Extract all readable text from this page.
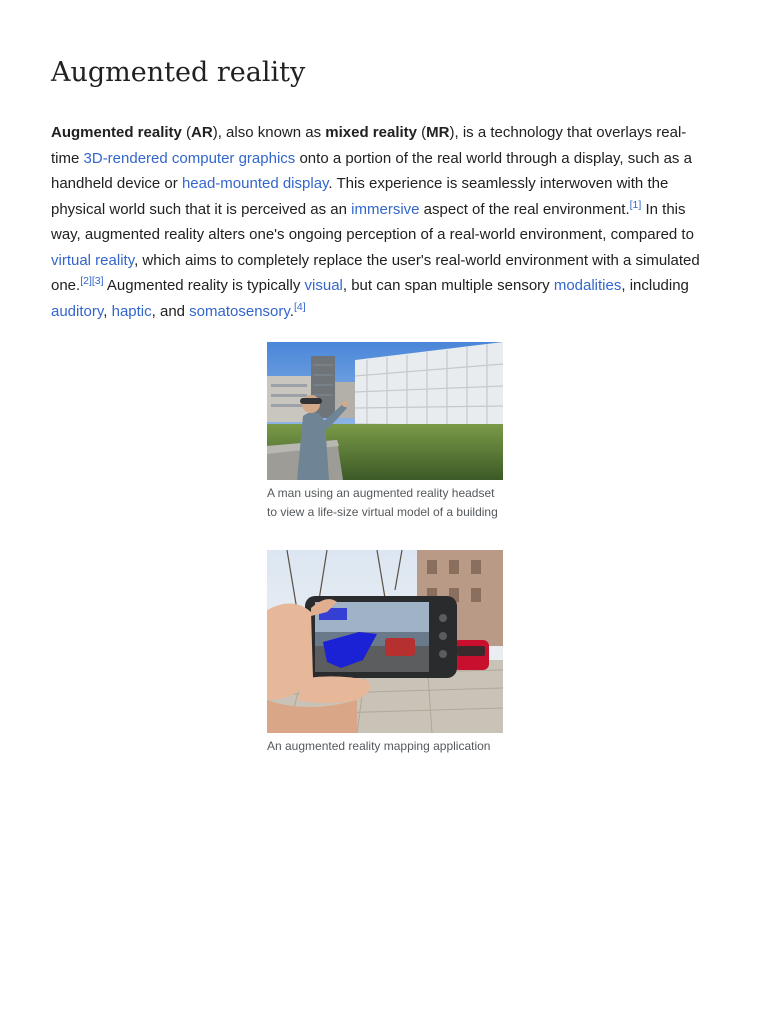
Augmented reality

Augmented reality (AR), also known as mixed reality (MR), is a technology that overlays real-time 3D-rendered computer graphics onto a portion of the real world through a display, such as a handheld device or head-mounted display. This experience is seamlessly interwoven with the physical world such that it is perceived as an immersive aspect of the real environment.[1] In this way, augmented reality alters one's ongoing perception of a real-world environment, compared to virtual reality, which aims to completely replace the user's real-world environment with a simulated one.[2][3] Augmented reality is typically visual, but can span multiple sensory modalities, including auditory, haptic, and somatosensory.[4]

A man using an augmented reality headset to view a life-size virtual model of a building
An augmented reality mapping application
